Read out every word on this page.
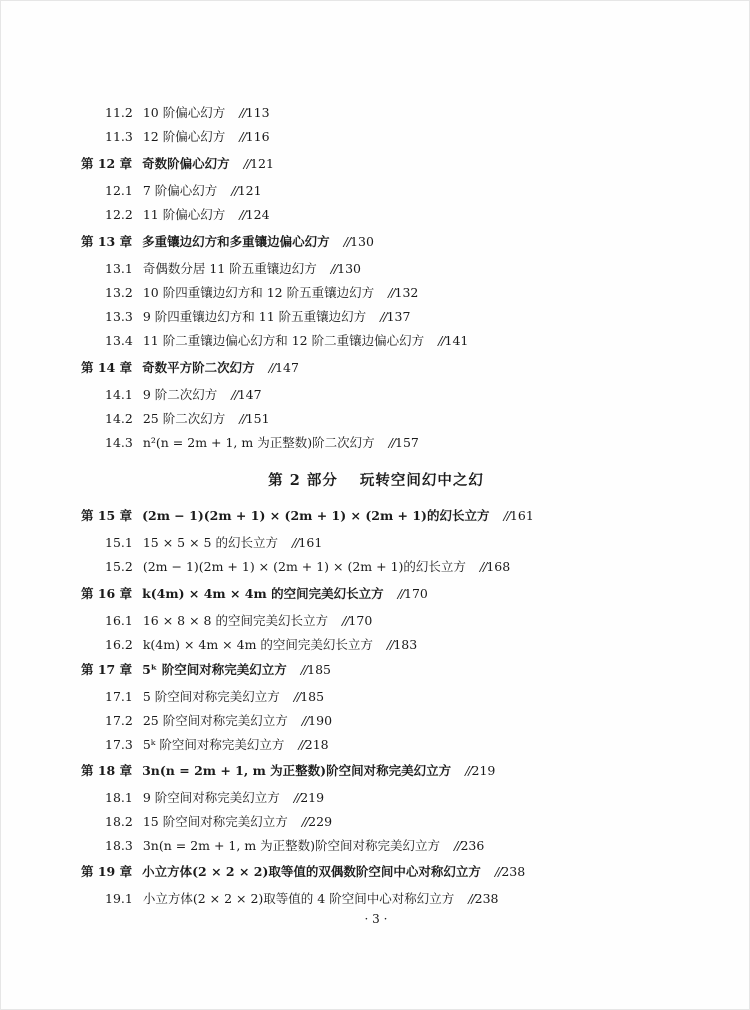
11.2 10 阶偏心幻方 //113
11.3 12 阶偏心幻方 //116
第 12 章 奇数阶偏心幻方 //121
12.1 7 阶偏心幻方 //121
12.2 11 阶偏心幻方 //124
第 13 章 多重镶边幻方和多重镶边偏心幻方 //130
13.1 奇偶数分居 11 阶五重镶边幻方 //130
13.2 10 阶四重镶边幻方和 12 阶五重镶边幻方 //132
13.3 9 阶四重镶边幻方和 11 阶五重镶边幻方 //137
13.4 11 阶二重镶边偏心幻方和 12 阶二重镶边偏心幻方 //141
第 14 章 奇数平方阶二次幻方 //147
14.1 9 阶二次幻方 //147
14.2 25 阶二次幻方 //151
14.3 n²(n = 2m + 1, m 为正整数)阶二次幻方 //157
第 2 部分 玩转空间幻中之幻
第 15 章 (2m − 1)(2m + 1) × (2m + 1) × (2m + 1)的幻长立方 //161
15.1 15 × 5 × 5 的幻长立方 //161
15.2 (2m − 1)(2m + 1) × (2m + 1) × (2m + 1)的幻长立方 //168
第 16 章 k(4m) × 4m × 4m 的空间完美幻长立方 //170
16.1 16 × 8 × 8 的空间完美幻长立方 //170
16.2 k(4m) × 4m × 4m 的空间完美幻长立方 //183
第 17 章 5ᵏ 阶空间对称完美幻立方 //185
17.1 5 阶空间对称完美幻立方 //185
17.2 25 阶空间对称完美幻立方 //190
17.3 5ᵏ 阶空间对称完美幻立方 //218
第 18 章 3n(n = 2m + 1, m 为正整数)阶空间对称完美幻立方 //219
18.1 9 阶空间对称完美幻立方 //219
18.2 15 阶空间对称完美幻立方 //229
18.3 3n(n = 2m + 1, m 为正整数)阶空间对称完美幻立方 //236
第 19 章 小立方体(2 × 2 × 2)取等值的双偶数阶空间中心对称幻立方 //238
19.1 小立方体(2 × 2 × 2)取等值的 4 阶空间中心对称幻立方 //238
· 3 ·
